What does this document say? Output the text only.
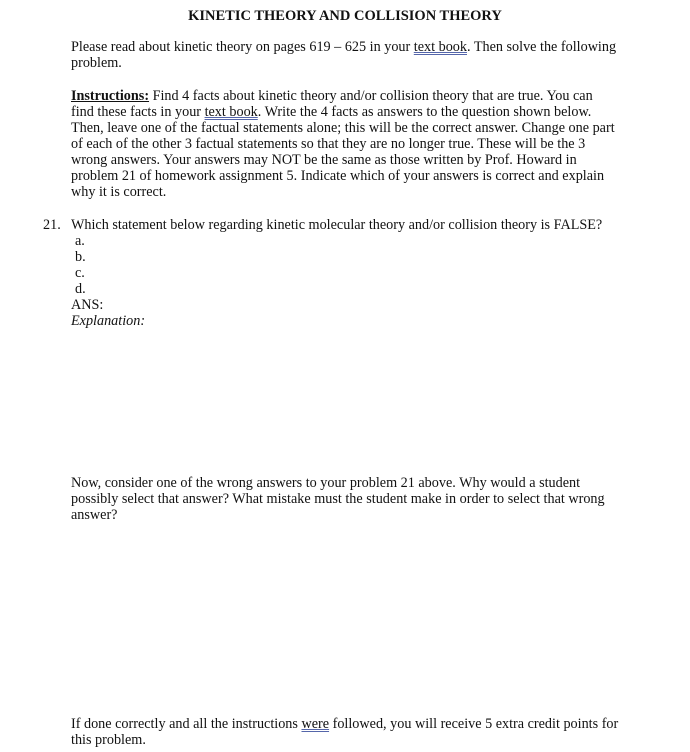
KINETIC THEORY AND COLLISION THEORY

Please read about kinetic theory on pages 619 – 625 in your text book. Then solve the following problem.

Instructions: Find 4 facts about kinetic theory and/or collision theory that are true. You can find these facts in your text book. Write the 4 facts as answers to the question shown below. Then, leave one of the factual statements alone; this will be the correct answer. Change one part of each of the other 3 factual statements so that they are no longer true. These will be the 3 wrong answers. Your answers may NOT be the same as those written by Prof. Howard in problem 21 of homework assignment 5. Indicate which of your answers is correct and explain why it is correct.

21. Which statement below regarding kinetic molecular theory and/or collision theory is FALSE?
a.
b.
c.
d.
ANS:
Explanation:

Now, consider one of the wrong answers to your problem 21 above. Why would a student possibly select that answer? What mistake must the student make in order to select that wrong answer?

If done correctly and all the instructions were followed, you will receive 5 extra credit points for this problem.
